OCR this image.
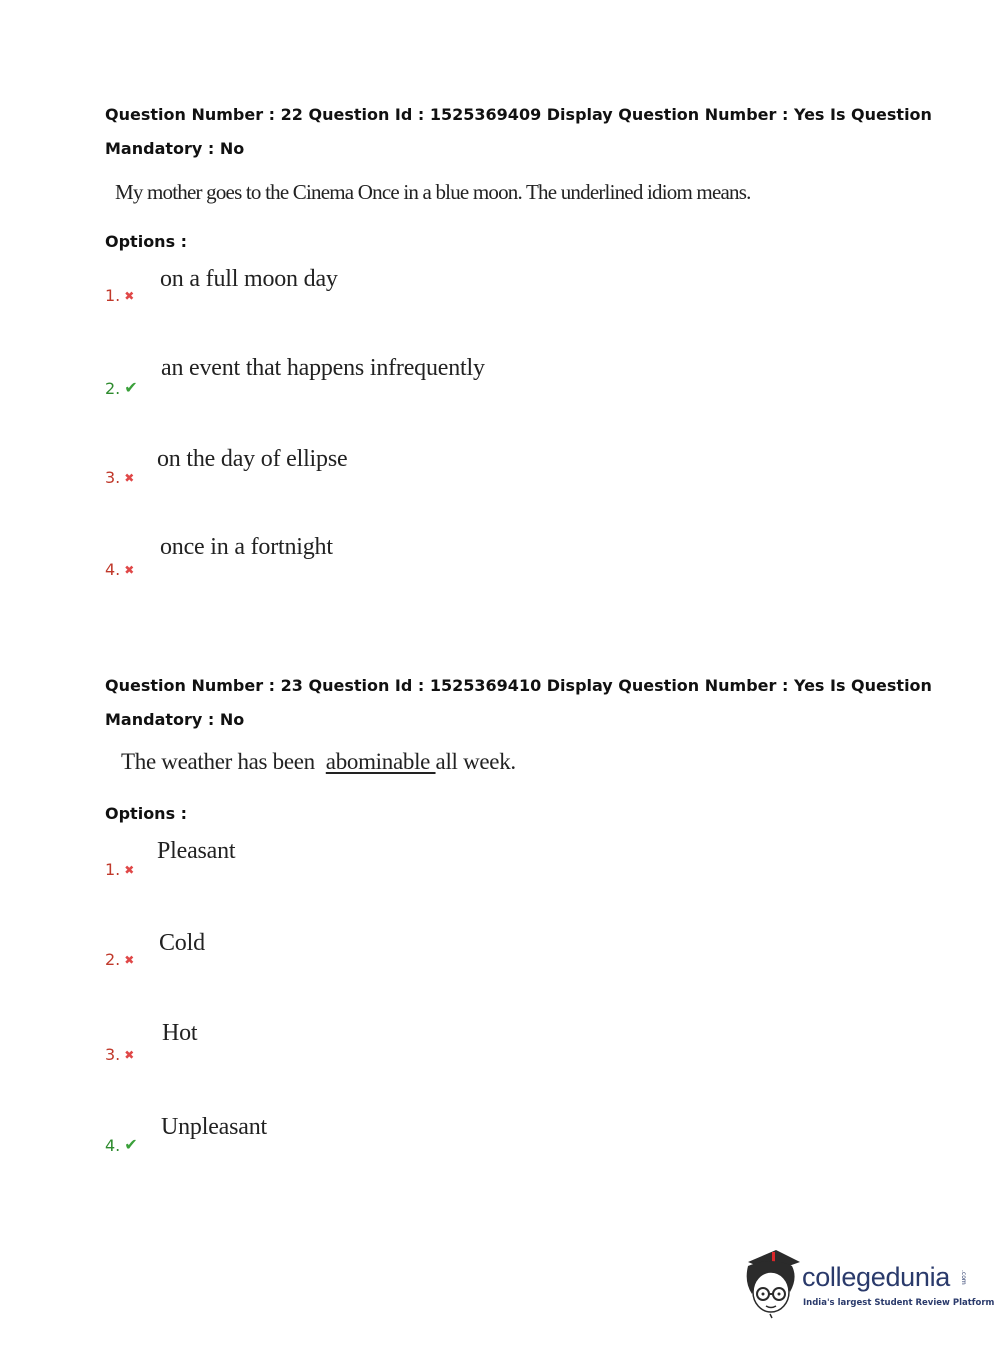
Question Number : 22 Question Id : 1525369409 Display Question Number : Yes Is Question
Mandatory : No
My mother goes to the Cinema Once in a blue moon. The underlined idiom means.
Options :
1. ✖
on a full moon day
2. ✔
an event that happens infrequently
3. ✖
on the day of ellipse
4. ✖
once in a fortnight
Question Number : 23 Question Id : 1525369410 Display Question Number : Yes Is Question
Mandatory : No
The weather has been abominable all week.
Options :
1. ✖
Pleasant
2. ✖
Cold
3. ✖
Hot
4. ✔
Unpleasant
collegedunia .com
India's largest Student Review Platform
